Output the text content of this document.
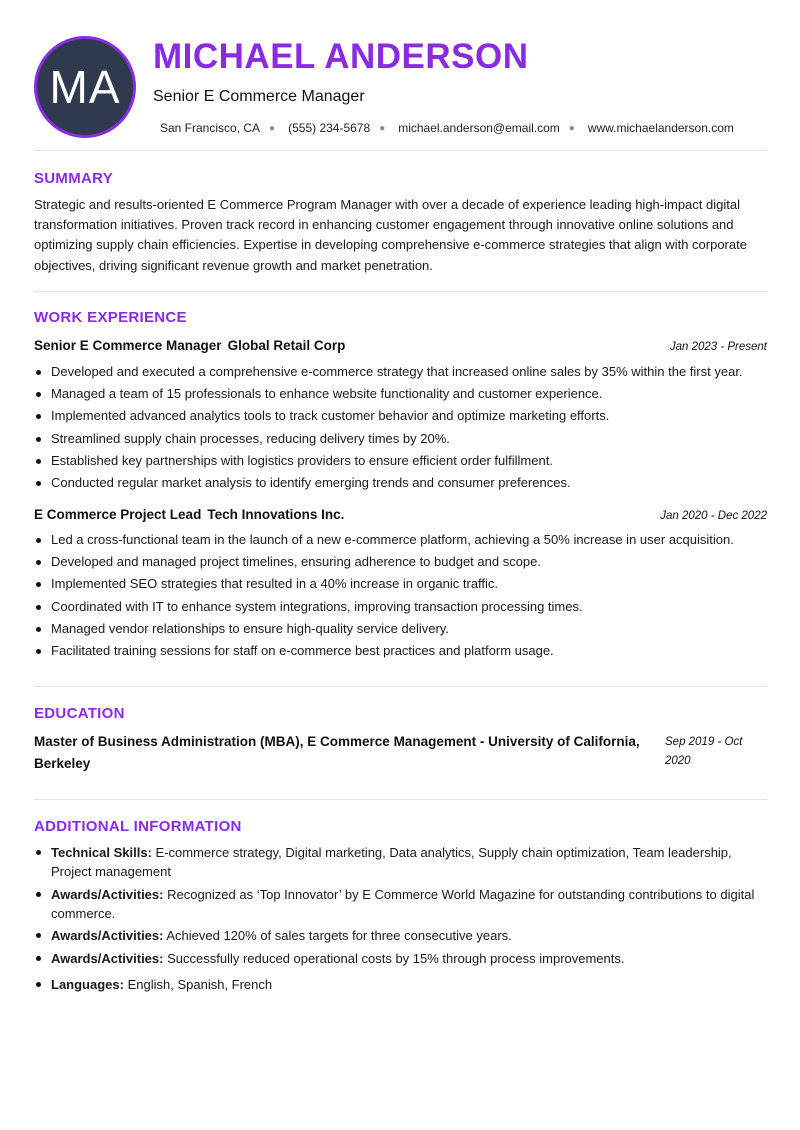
MA
MICHAEL ANDERSON
Senior E Commerce Manager
San Francisco, CA ● (555) 234-5678 ● michael.anderson@email.com ● www.michaelanderson.com
SUMMARY

Strategic and results-oriented E Commerce Program Manager with over a decade of experience leading high-impact digital transformation initiatives. Proven track record in enhancing customer engagement through innovative online solutions and optimizing supply chain efficiencies. Expertise in developing comprehensive e-commerce strategies that align with corporate objectives, driving significant revenue growth and market penetration.

WORK EXPERIENCE
Senior E Commerce Manager Global Retail Corp	Jan 2023 - Present
Developed and executed a comprehensive e-commerce strategy that increased online sales by 35% within the first year.
Managed a team of 15 professionals to enhance website functionality and customer experience.
Implemented advanced analytics tools to track customer behavior and optimize marketing efforts.
Streamlined supply chain processes, reducing delivery times by 20%.
Established key partnerships with logistics providers to ensure efficient order fulfillment.
Conducted regular market analysis to identify emerging trends and consumer preferences.
E Commerce Project Lead Tech Innovations Inc.	Jan 2020 - Dec 2022
Led a cross-functional team in the launch of a new e-commerce platform, achieving a 50% increase in user acquisition.
Developed and managed project timelines, ensuring adherence to budget and scope.
Implemented SEO strategies that resulted in a 40% increase in organic traffic.
Coordinated with IT to enhance system integrations, improving transaction processing times.
Managed vendor relationships to ensure high-quality service delivery.
Facilitated training sessions for staff on e-commerce best practices and platform usage.
EDUCATION
Master of Business Administration (MBA), E Commerce Management - University of California, Berkeley
Sep 2019 - Oct 2020
ADDITIONAL INFORMATION
Technical Skills: E-commerce strategy, Digital marketing, Data analytics, Supply chain optimization, Team leadership, Project management
Awards/Activities: Recognized as ‘Top Innovator’ by E Commerce World Magazine for outstanding contributions to digital commerce.
Awards/Activities: Achieved 120% of sales targets for three consecutive years.
Awards/Activities: Successfully reduced operational costs by 15% through process improvements.
Languages: English, Spanish, French
